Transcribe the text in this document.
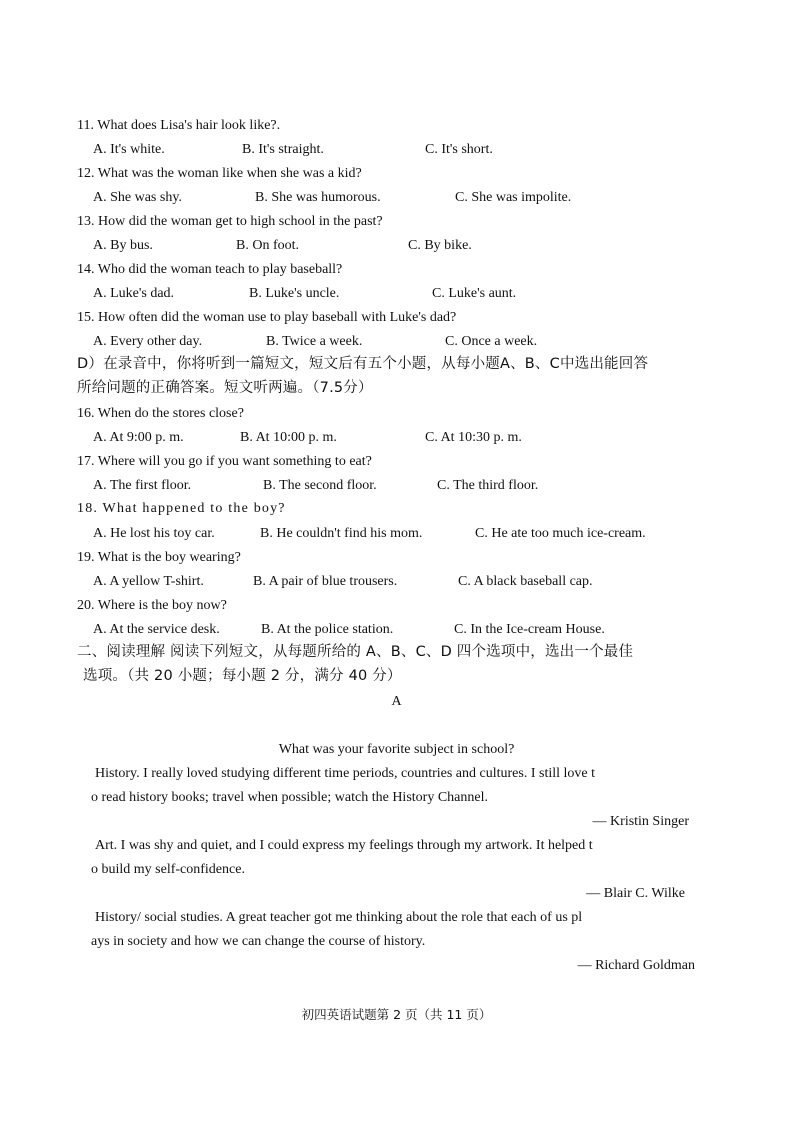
11. What does Lisa's hair look like?.
A. It's white.	B. It's straight.	C. It's short.
12. What was the woman like when she was a kid?
A. She was shy.	B. She was humorous.	C. She was impolite.
13. How did the woman get to high school in the past?
A. By bus.	B. On foot.	C. By bike.
14. Who did the woman teach to play baseball?
A. Luke's dad.	B. Luke's uncle.	C. Luke's aunt.
15. How often did the woman use to play baseball with Luke's dad?
A. Every other day.	B. Twice a week.	C. Once a week.
D）在录音中，你将听到一篇短文，短文后有五个小题，从每小题A、B、C中选出能回答
所给问题的正确答案。短文听两遍。（7.5分）
16. When do the stores close?
A. At 9:00 p. m.	B. At 10:00 p. m.	C. At 10:30 p. m.
17. Where will you go if you want something to eat?
A. The first floor.	B. The second floor.	C. The third floor.
18. What happened to the boy?
A. He lost his toy car.	B. He couldn't find his mom.	C. He ate too much ice-cream.
19. What is the boy wearing?
A. A yellow T-shirt.	B. A pair of blue trousers.	C. A black baseball cap.
20. Where is the boy now?
A. At the service desk.	B. At the police station.	C. In the Ice-cream House.
二、阅读理解 阅读下列短文，从每题所给的 A、B、C、D 四个选项中，选出一个最佳
选项。（共 20 小题；每小题 2 分，满分 40 分）
A
What was your favorite subject in school?
History. I really loved studying different time periods, countries and cultures. I still love t
o read history books; travel when possible; watch the History Channel.
— Kristin Singer
Art. I was shy and quiet, and I could express my feelings through my artwork. It helped t
o build my self-confidence.
— Blair C. Wilke
History/ social studies. A great teacher got me thinking about the role that each of us pl
ays in society and how we can change the course of history.
— Richard Goldman
初四英语试题第 2 页（共 11 页）
